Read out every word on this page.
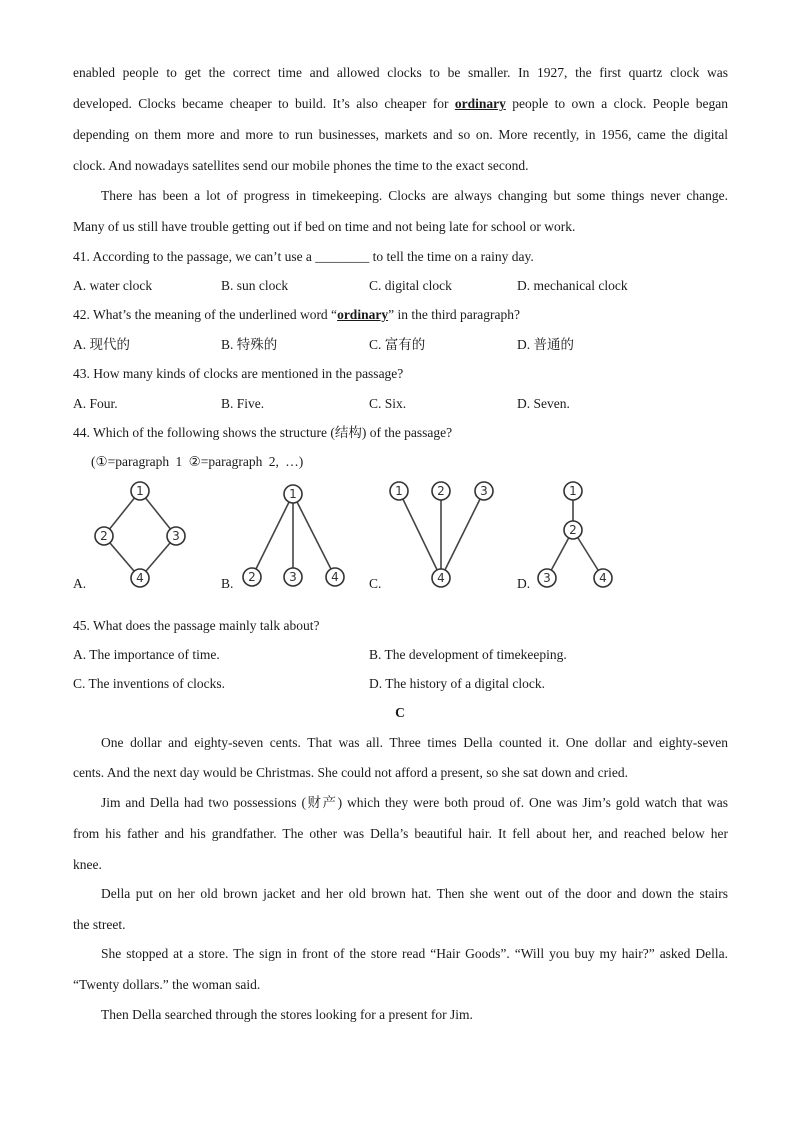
enabled people to get the correct time and allowed clocks to be smaller. In 1927, the first quartz clock was
developed. Clocks became cheaper to build. It’s also cheaper for ordinary people to own a clock. People began
depending on them more and more to run businesses, markets and so on. More recently, in 1956, came the digital
clock. And nowadays satellites send our mobile phones the time to the exact second.
There has been a lot of progress in timekeeping. Clocks are always changing but some things never change.
Many of us still have trouble getting out if bed on time and not being late for school or work.
41. According to the passage, we can’t use a ________ to tell the time on a rainy day.
A. water clock	B. sun clock	C. digital clock	D. mechanical clock
42. What’s the meaning of the underlined word “ordinary” in the third paragraph?
A. 现代的	B. 特殊的	C. 富有的	D. 普通的
43. How many kinds of clocks are mentioned in the passage?
A. Four.	B. Five.	C. Six.	D. Seven.
44. Which of the following shows the structure (结构) of the passage?
(①=paragraph 1 ②=paragraph 2, …)
A.
1
2	3
4	B.
1
2	3	4 C.
1	2	3
4	D.
1
2
3	4
45. What does the passage mainly talk about?
A. The importance of time.	B. The development of timekeeping.
C. The inventions of clocks.	D. The history of a digital clock.
C
One dollar and eighty-seven cents. That was all. Three times Della counted it. One dollar and eighty-seven
cents. And the next day would be Christmas. She could not afford a present, so she sat down and cried.
Jim and Della had two possessions (财产) which they were both proud of. One was Jim’s gold watch that was
from his father and his grandfather. The other was Della’s beautiful hair. It fell about her, and reached below her
knee.
Della put on her old brown jacket and her old brown hat. Then she went out of the door and down the stairs
the street.
She stopped at a store. The sign in front of the store read “Hair Goods”. “Will you buy my hair?” asked Della.
“Twenty dollars.” the woman said.
Then Della searched through the stores looking for a present for Jim.
